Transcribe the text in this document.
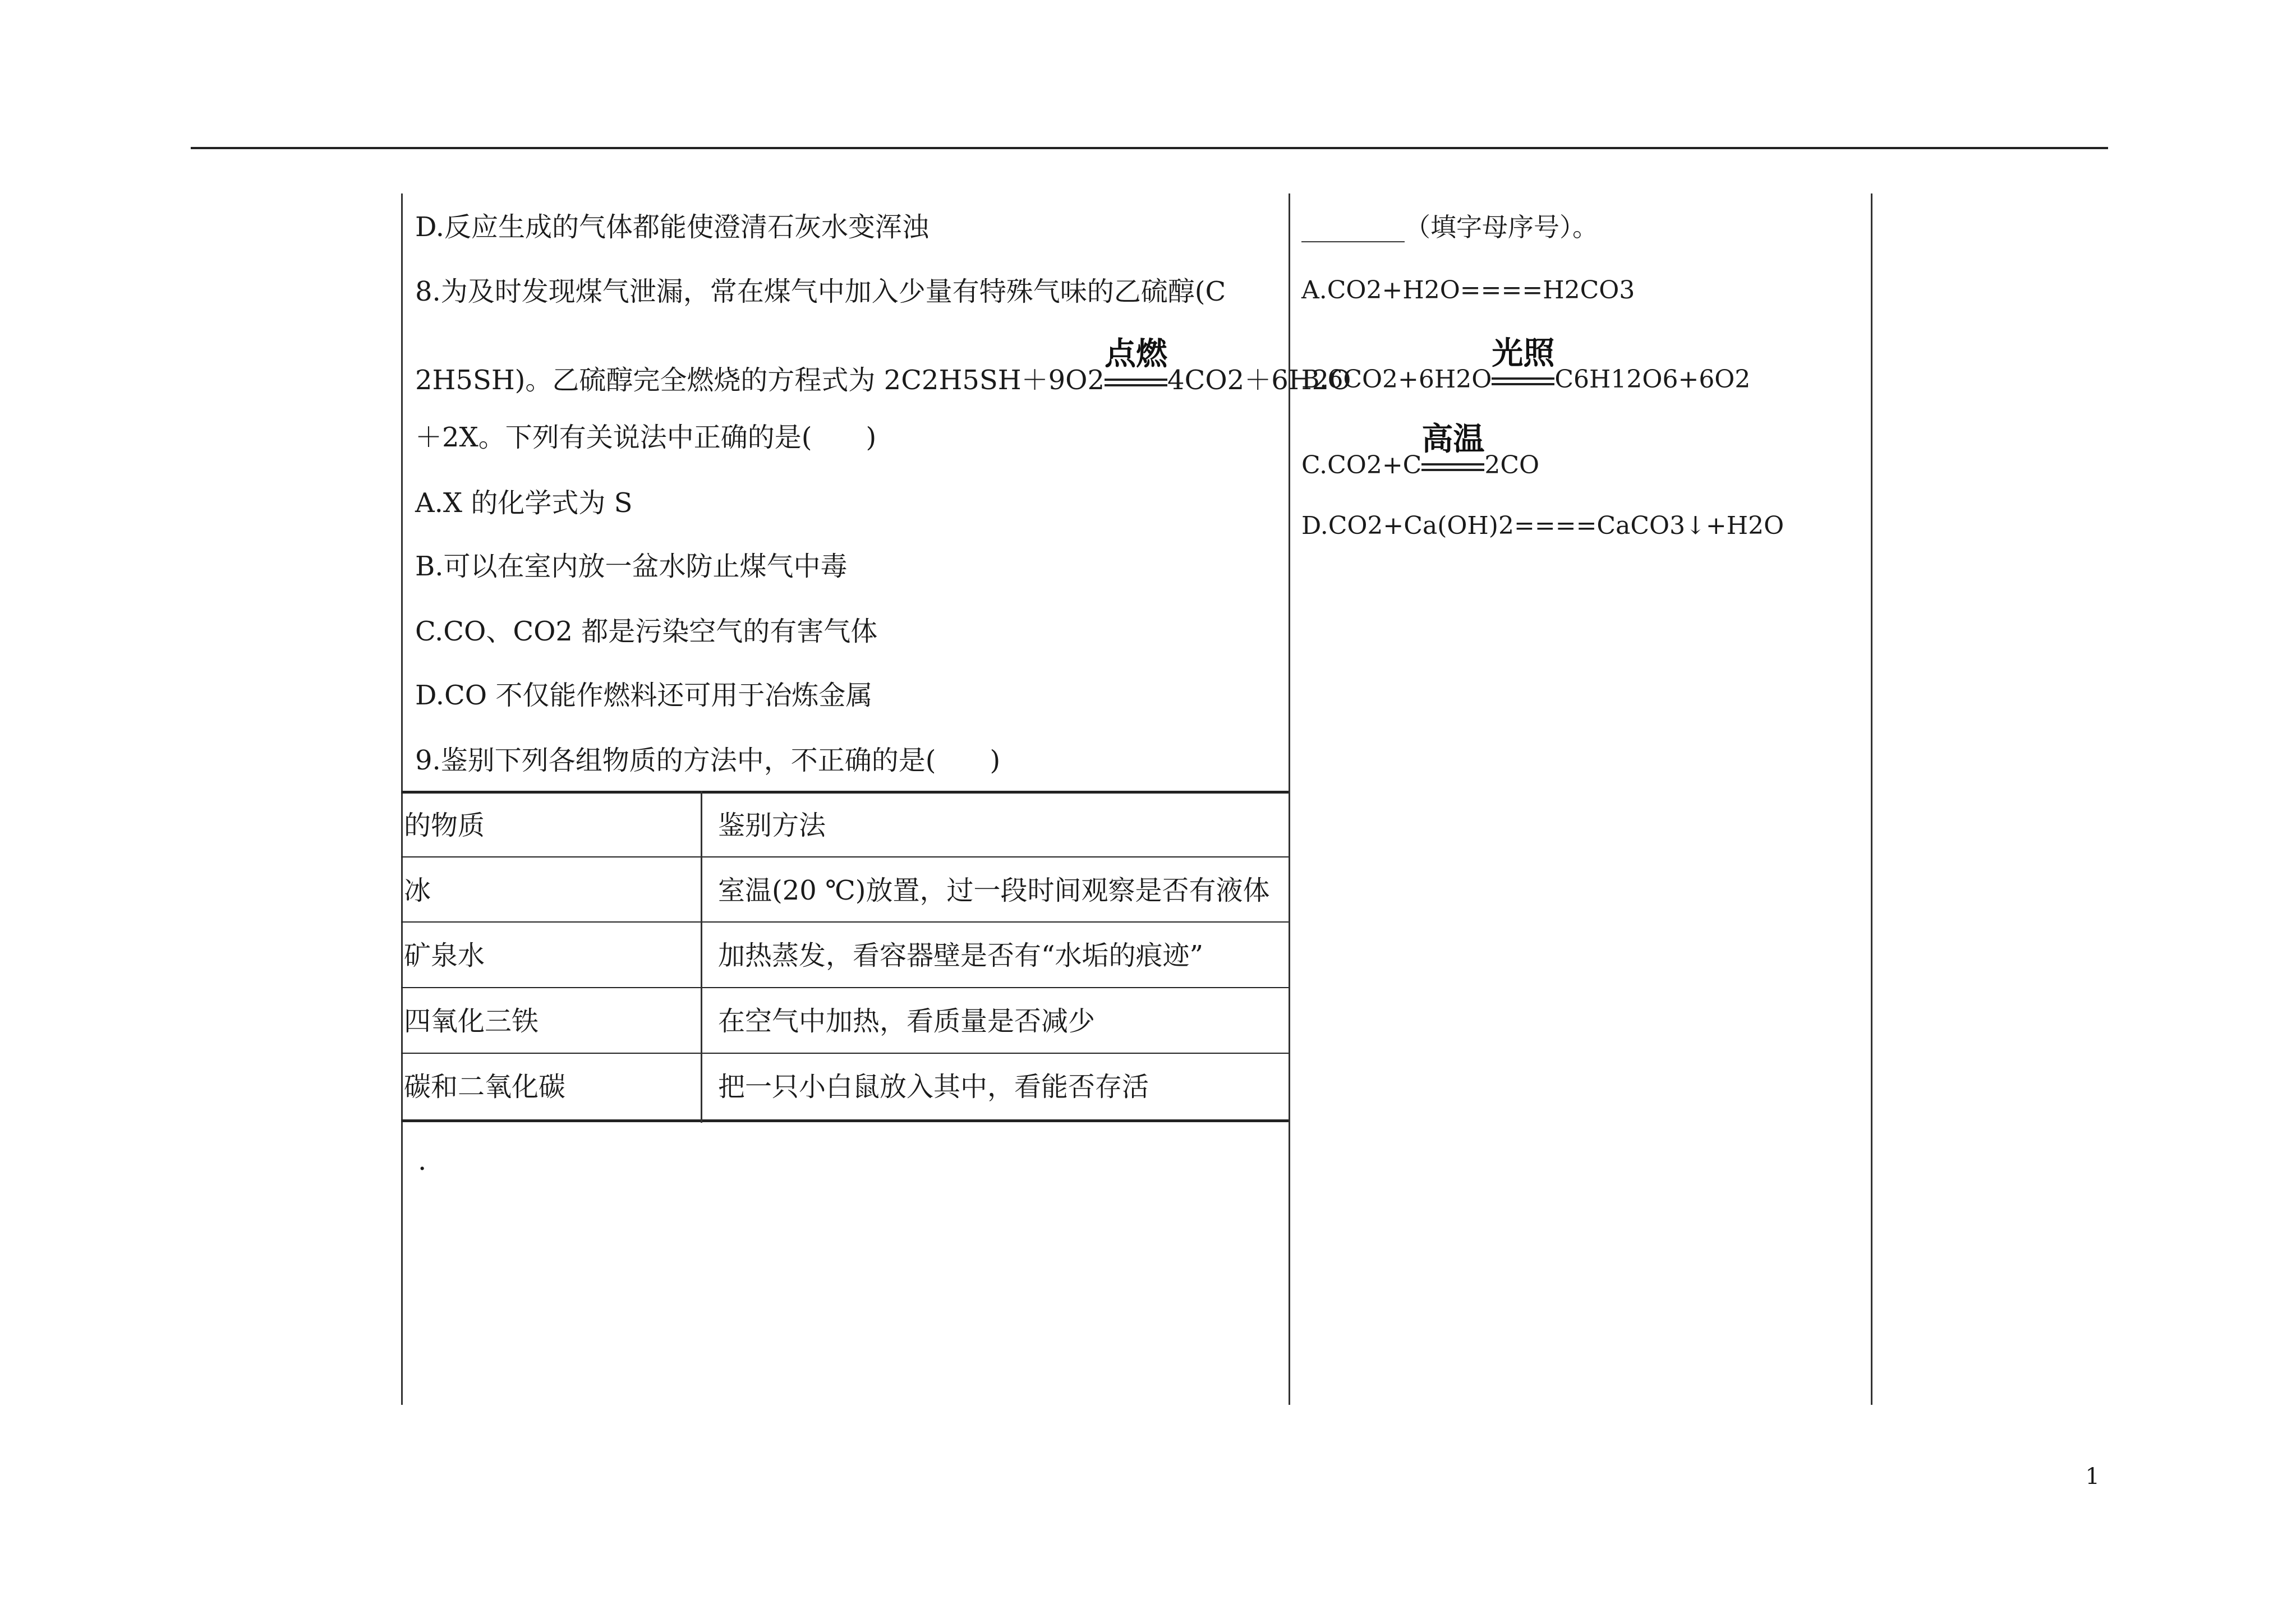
D.反应生成的气体都能使澄清石灰水变浑浊
8.为及时发现煤气泄漏，常在煤气中加入少量有特殊气味的乙硫醇(C
2H5SH)。乙硫醇完全燃烧的方程式为 2C2H5SH＋9O2
点燃
4CO2＋6H2O
＋2X。下列有关说法中正确的是(　　)
A.X 的化学式为 S
B.可以在室内放一盆水防止煤气中毒
C.CO、CO2 都是污染空气的有害气体
D.CO 不仅能作燃料还可用于冶炼金属
9.鉴别下列各组物质的方法中，不正确的是(　　)
的物质	鉴别方法
冰	室温(20 ℃)放置，过一段时间观察是否有液体
矿泉水	加热蒸发，看容器壁是否有“水垢的痕迹”
四氧化三铁	在空气中加热，看质量是否减少
碳和二氧化碳	把一只小白鼠放入其中，看能否存活
.
________（填字母序号）。
A.CO2+H2O====H2CO3
B.6CO2+6H2O
光照
C6H12O6+6O2
C.CO2+C
高温
2CO
D.CO2+Ca(OH)2====CaCO3↓+H2O
1
